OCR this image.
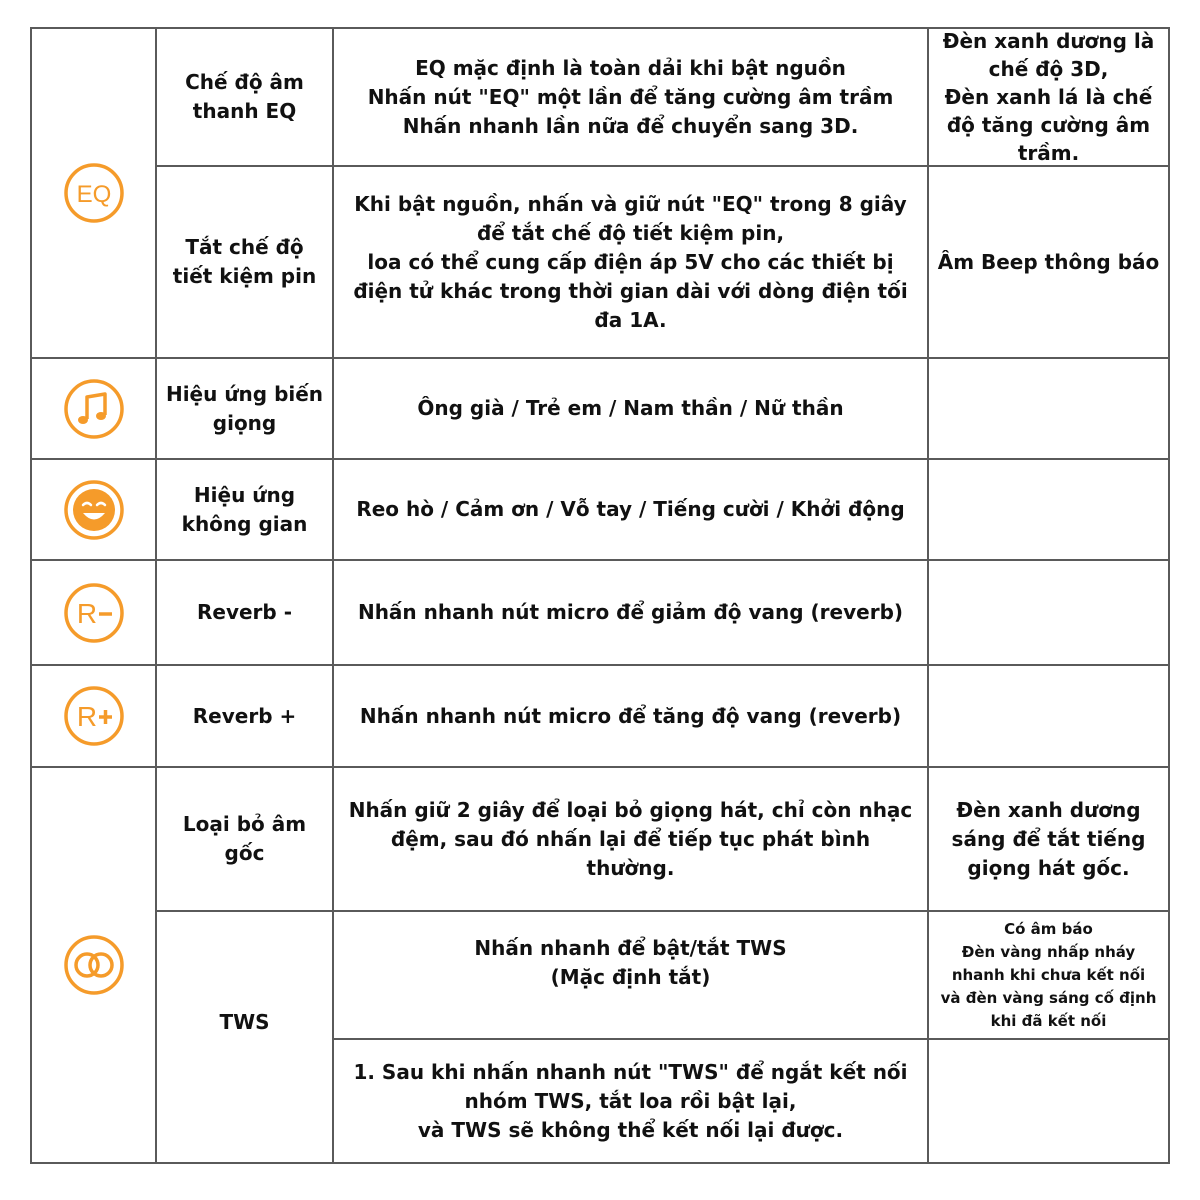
EQ
R
R
Chế độ âm
thanh EQ
EQ mặc định là toàn dải khi bật nguồn
Nhấn nút "EQ" một lần để tăng cường âm trầm
Nhấn nhanh lần nữa để chuyển sang 3D.
Đèn xanh dương là
chế độ 3D,
Đèn xanh lá là chế
độ tăng cường âm
trầm.
Tắt chế độ
tiết kiệm pin
Khi bật nguồn, nhấn và giữ nút "EQ" trong 8 giây
để tắt chế độ tiết kiệm pin,
loa có thể cung cấp điện áp 5V cho các thiết bị
điện tử khác trong thời gian dài với dòng điện tối
đa 1A.
Âm Beep thông báo
Hiệu ứng biến
giọng
Ông già / Trẻ em / Nam thần / Nữ thần
Hiệu ứng
không gian
Reo hò / Cảm ơn / Vỗ tay / Tiếng cười / Khởi động
Reverb -	Nhấn nhanh nút micro để giảm độ vang (reverb)
Reverb +	Nhấn nhanh nút micro để tăng độ vang (reverb)
Loại bỏ âm
gốc
Nhấn giữ 2 giây để loại bỏ giọng hát, chỉ còn nhạc
đệm, sau đó nhấn lại để tiếp tục phát bình
thường.
Đèn xanh dương
sáng để tắt tiếng
giọng hát gốc.
TWS
Nhấn nhanh để bật/tắt TWS
(Mặc định tắt)
Có âm báo
Đèn vàng nhấp nháy
nhanh khi chưa kết nối
và đèn vàng sáng cố định
khi đã kết nối
1. Sau khi nhấn nhanh nút "TWS" để ngắt kết nối
nhóm TWS, tắt loa rồi bật lại,
và TWS sẽ không thể kết nối lại được.
